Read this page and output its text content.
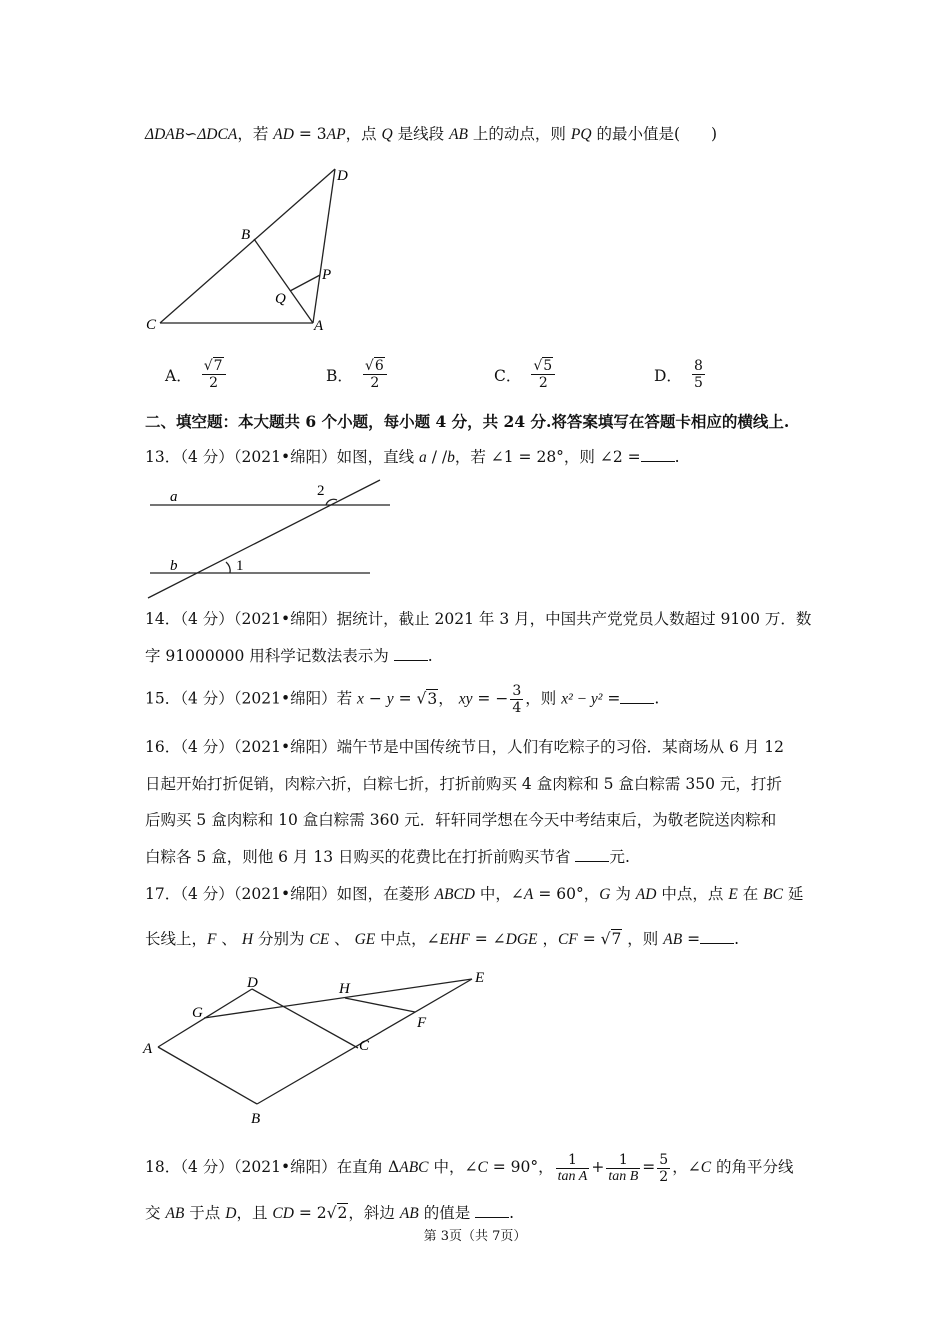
ΔDAB∽ΔDCA，若 AD = 3AP，点 Q 是线段 AB 上的动点，则 PQ 的最小值是(　　)
D
B
P
Q
C	A
A． $\frac{√7}{2}$	B． $\frac{√6}{2}$	C． $\frac{√5}{2}$	D． $\frac{8}{5}$
二、填空题：本大题共 6 个小题，每小题 4 分，共 24 分.将答案填写在答题卡相应的横线上.
13．（4 分）（2021•绵阳）如图，直线 a / /b，若 ∠1 = 28°，则 ∠2 = .
a
b	1
2
14．（4 分）（2021•绵阳）据统计，截止 2021 年 3 月，中国共产党党员人数超过 9100 万．数
字 91000000 用科学记数法表示为 .
15．（4 分）（2021•绵阳）若 x − y = √3， xy = − $\frac{3}{4}$ ，则 x² − y² = .
16．（4 分）（2021•绵阳）端午节是中国传统节日，人们有吃粽子的习俗．某商场从 6 月 12
日起开始打折促销，肉粽六折，白粽七折，打折前购买 4 盒肉粽和 5 盒白粽需 350 元，打折
后购买 5 盒肉粽和 10 盒白粽需 360 元．轩轩同学想在今天中考结束后，为敬老院送肉粽和
白粽各 5 盒，则他 6 月 13 日购买的花费比在打折前购买节省 元.
17．（4 分）（2021•绵阳）如图，在菱形 ABCD 中，∠A = 60°，G 为 AD 中点，点 E 在 BC 延
长线上，F 、 H 分别为 CE 、 GE 中点，∠EHF = ∠DGE ，CF = √7 ，则 AB = .
D	H
E
G
F
A	C
B
18．（4 分）（2021•绵阳）在直角 ΔABC 中，∠C = 90°， $\frac{1}{\text{tan A}} + \frac{1}{\text{tan B}} = \frac{5}{2}$ ，∠C 的角平分线
交 AB 于点 D，且 CD = 2√2，斜边 AB 的值是 .
第 3页（共 7页）
